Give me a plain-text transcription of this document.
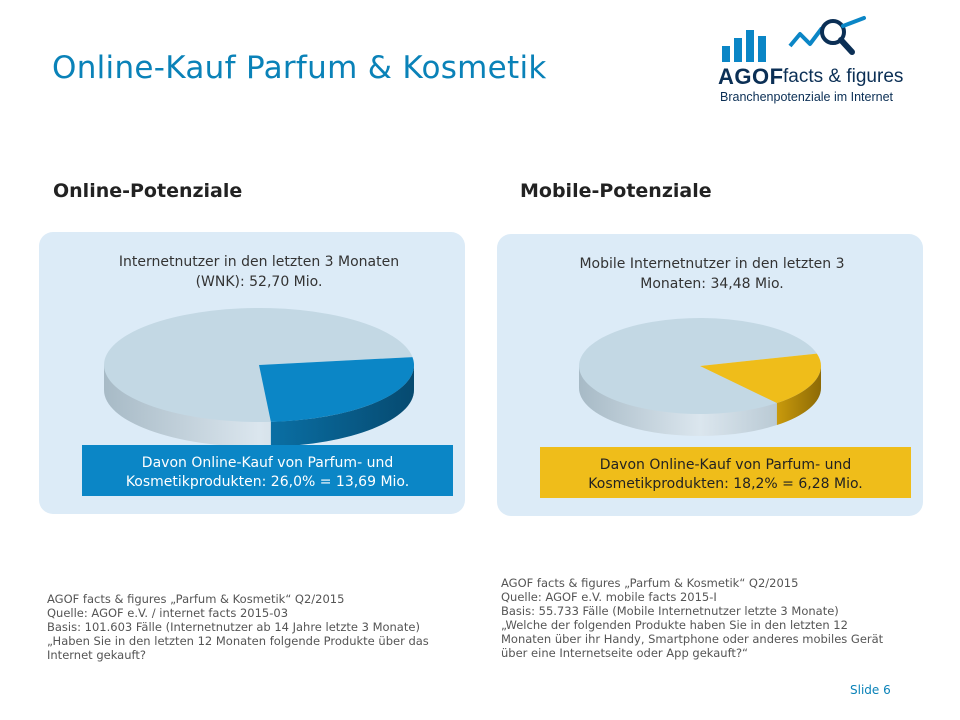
Online-Kauf Parfum & Kosmetik	AGOF facts & figures
Branchenpotenziale im Internet
Online-Potenziale
Internetnutzer in den letzten 3 Monaten (WNK): 52,70 Mio.
Davon Online-Kauf von Parfum- und Kosmetikprodukten: 26,0% = 13,69 Mio.
AGOF facts & figures „Parfum & Kosmetik“ Q2/2015
Quelle: AGOF e.V. / internet facts 2015-03
Basis: 101.603 Fälle (Internetnutzer ab 14 Jahre letzte 3 Monate)
„Haben Sie in den letzten 12 Monaten folgende Produkte über das
Internet gekauft?
Mobile-Potenziale
Mobile Internetnutzer in den letzten 3 Monaten: 34,48 Mio.
Davon Online-Kauf von Parfum- und Kosmetikprodukten: 18,2% = 6,28 Mio.
AGOF facts & figures „Parfum & Kosmetik“ Q2/2015
Quelle: AGOF e.V. mobile facts 2015-I
Basis: 55.733 Fälle (Mobile Internetnutzer letzte 3 Monate)
„Welche der folgenden Produkte haben Sie in den letzten 12
Monaten über ihr Handy, Smartphone oder anderes mobiles Gerät
über eine Internetseite oder App gekauft?“
Slide 6
